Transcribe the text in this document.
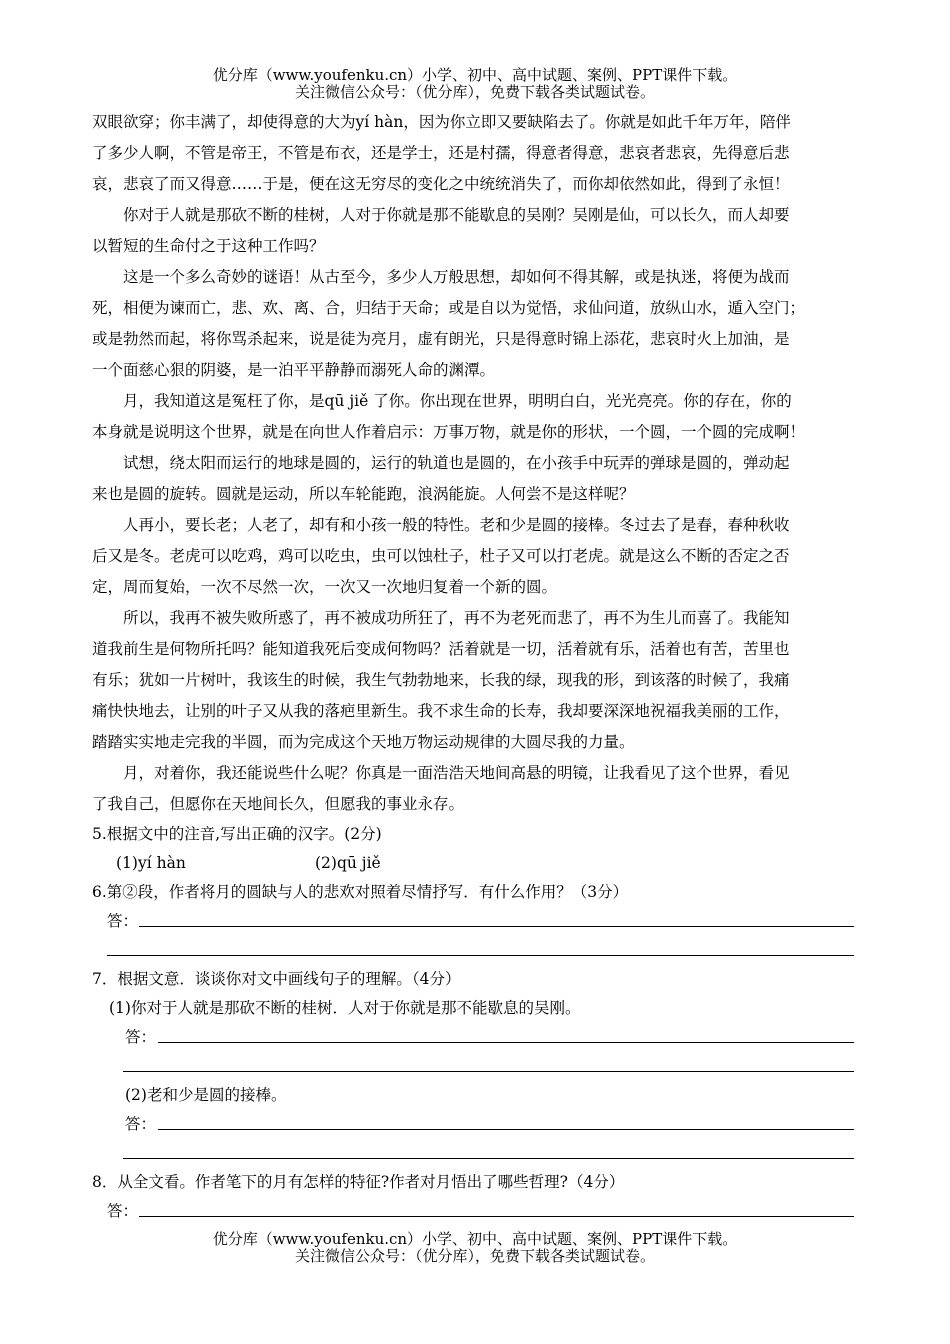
优分库（www.youfenku.cn）小学、初中、高中试题、案例、PPT课件下载。
关注微信公众号：（优分库），免费下载各类试题试卷。
双眼欲穿；你丰满了，却使得意的大为yí hàn，因为你立即又要缺陷去了。你就是如此千年万年，陪伴
了多少人啊，不管是帝王，不管是布衣，还是学士，还是村孺，得意者得意，悲哀者悲哀，先得意后悲
哀，悲哀了而又得意……于是，便在这无穷尽的变化之中统统消失了，而你却依然如此，得到了永恒！
你对于人就是那砍不断的桂树，人对于你就是那不能歇息的吴刚？吴刚是仙，可以长久，而人却要
以暂短的生命付之于这种工作吗？
这是一个多么奇妙的谜语！从古至今，多少人万般思想，却如何不得其解，或是执迷，将便为战而
死，相便为谏而亡，悲、欢、离、合，归结于天命；或是自以为觉悟，求仙问道，放纵山水，遁入空门；
或是勃然而起，将你骂杀起来，说是徒为亮月，虚有朗光，只是得意时锦上添花，悲哀时火上加油，是
一个面慈心狠的阴婆，是一泊平平静静而溺死人命的渊潭。
月，我知道这是冤枉了你，是qū jiě 了你。你出现在世界，明明白白，光光亮亮。你的存在，你的
本身就是说明这个世界，就是在向世人作着启示：万事万物，就是你的形状，一个圆，一个圆的完成啊！
试想，绕太阳而运行的地球是圆的，运行的轨道也是圆的，在小孩手中玩弄的弹球是圆的，弹动起
来也是圆的旋转。圆就是运动，所以车轮能跑，浪涡能旋。人何尝不是这样呢？
人再小，要长老；人老了，却有和小孩一般的特性。老和少是圆的接棒。冬过去了是春，春种秋收
后又是冬。老虎可以吃鸡，鸡可以吃虫，虫可以蚀杜子，杜子又可以打老虎。就是这么不断的否定之否
定，周而复始，一次不尽然一次，一次又一次地归复着一个新的圆。
所以，我再不被失败所惑了，再不被成功所狂了，再不为老死而悲了，再不为生儿而喜了。我能知
道我前生是何物所托吗？能知道我死后变成何物吗？活着就是一切，活着就有乐，活着也有苦，苦里也
有乐；犹如一片树叶，我该生的时候，我生气勃勃地来，长我的绿，现我的形，到该落的时候了，我痛
痛快快地去，让别的叶子又从我的落疤里新生。我不求生命的长寿，我却要深深地祝福我美丽的工作，
踏踏实实地走完我的半圆，而为完成这个天地万物运动规律的大圆尽我的力量。
月，对着你，我还能说些什么呢？你真是一面浩浩天地间高悬的明镜，让我看见了这个世界，看见
了我自己，但愿你在天地间长久，但愿我的事业永存。
5.根据文中的注音,写出正确的汉字。(2分)
(1)yí hàn	(2)qū jiě
6.第②段，作者将月的圆缺与人的悲欢对照着尽情抒写．有什么作用？（3分）
答：
7．根据文意．谈谈你对文中画线句子的理解。（4分）
(1)你对于人就是那砍不断的桂树．人对于你就是那不能歇息的吴刚。
答：
(2)老和少是圆的接棒。
答：
8．从全文看。作者笔下的月有怎样的特征?作者对月悟出了哪些哲理?（4分）
答：
优分库（www.youfenku.cn）小学、初中、高中试题、案例、PPT课件下载。
关注微信公众号：（优分库），免费下载各类试题试卷。
